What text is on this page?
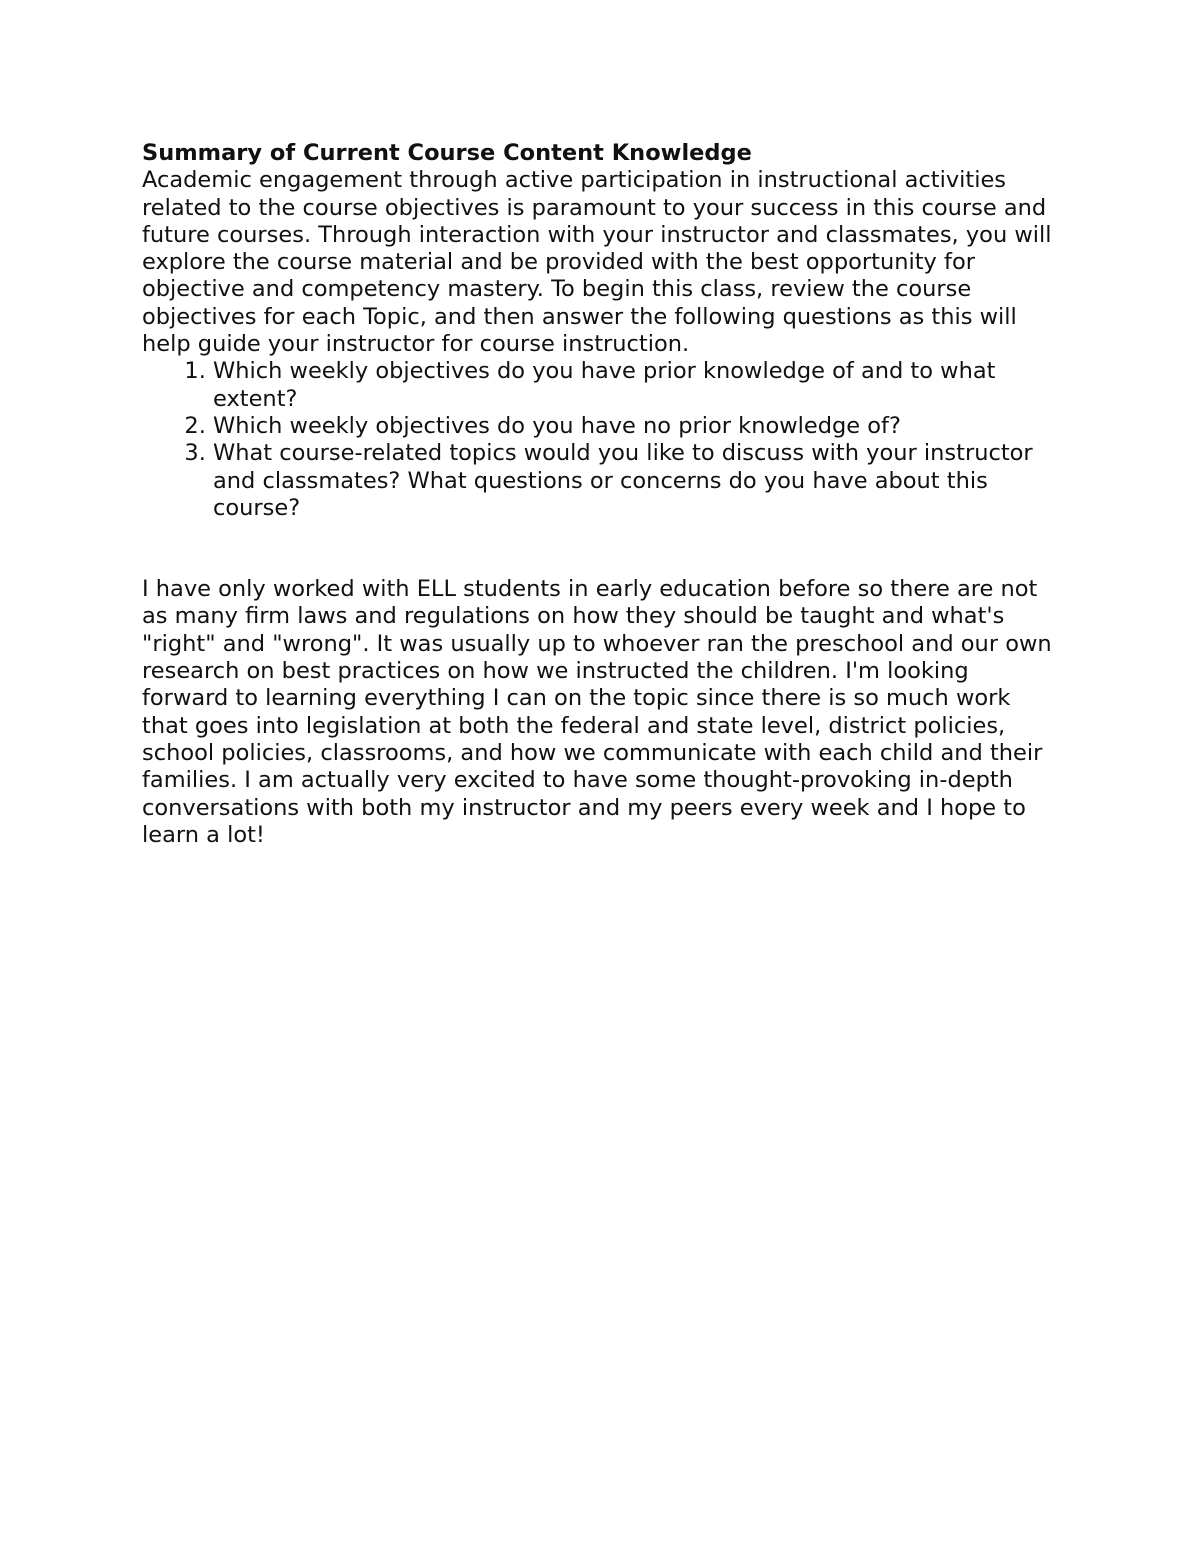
Summary of Current Course Content Knowledge

Academic engagement through active participation in instructional activities related to the course objectives is paramount to your success in this course and future courses. Through interaction with your instructor and classmates, you will explore the course material and be provided with the best opportunity for objective and competency mastery. To begin this class, review the course objectives for each Topic, and then answer the following questions as this will help guide your instructor for course instruction.

1. Which weekly objectives do you have prior knowledge of and to what extent?
2. Which weekly objectives do you have no prior knowledge of?
3. What course-related topics would you like to discuss with your instructor and classmates? What questions or concerns do you have about this course?

I have only worked with ELL students in early education before so there are not as many firm laws and regulations on how they should be taught and what's "right" and "wrong". It was usually up to whoever ran the preschool and our own research on best practices on how we instructed the children. I'm looking forward to learning everything I can on the topic since there is so much work that goes into legislation at both the federal and state level, district policies, school policies, classrooms, and how we communicate with each child and their families. I am actually very excited to have some thought-provoking in-depth conversations with both my instructor and my peers every week and I hope to learn a lot!
